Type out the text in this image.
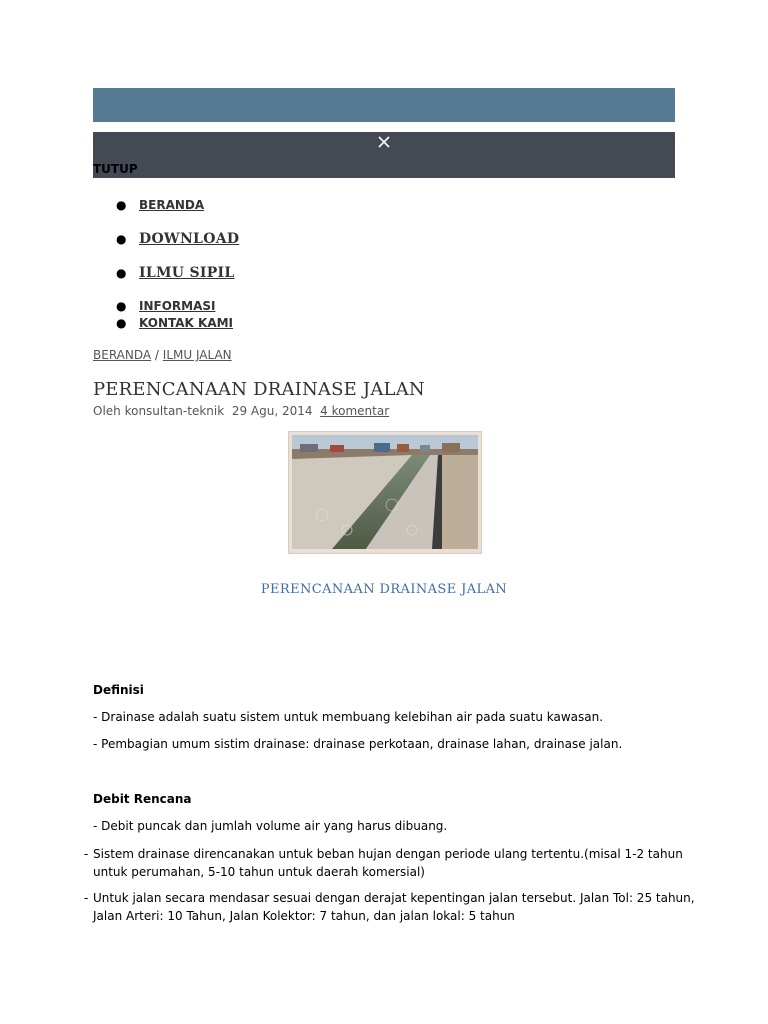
TUTUP
● BERANDA
● DOWNLOAD
● ILMU SIPIL
● INFORMASI
● KONTAK KAMI
BERANDA / ILMU JALAN
PERENCANAAN DRAINASE JALAN
Oleh konsultan-teknik 29 Agu, 2014 4 komentar
PERENCANAAN DRAINASE JALAN
Definisi
- Drainase adalah suatu sistem untuk membuang kelebihan air pada suatu kawasan.
- Pembagian umum sistim drainase: drainase perkotaan, drainase lahan, drainase jalan.
Debit Rencana
- Debit puncak dan jumlah volume air yang harus dibuang.
- Sistem drainase direncanakan untuk beban hujan dengan periode ulang tertentu.(misal 1-2 tahun
untuk perumahan, 5-10 tahun untuk daerah komersial)
- Untuk jalan secara mendasar sesuai dengan derajat kepentingan jalan tersebut. Jalan Tol: 25 tahun,
Jalan Arteri: 10 Tahun, Jalan Kolektor: 7 tahun, dan jalan lokal: 5 tahun
